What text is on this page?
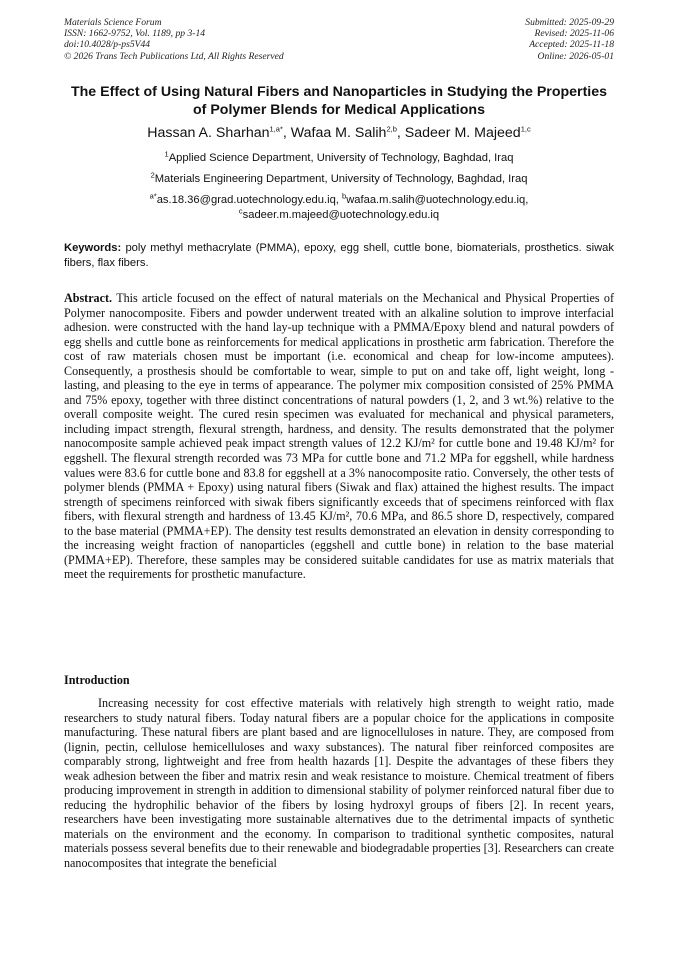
Materials Science Forum
ISSN: 1662-9752, Vol. 1189, pp 3-14
doi:10.4028/p-ps5V44
© 2026 Trans Tech Publications Ltd, All Rights Reserved
Submitted: 2025-09-29
Revised: 2025-11-06
Accepted: 2025-11-18
Online: 2026-05-01
The Effect of Using Natural Fibers and Nanoparticles in Studying the Properties of Polymer Blends for Medical Applications
Hassan A. Sharhan$^{1,a*}$, Wafaa M. Salih$^{2,b}$, Sadeer M. Majeed$^{1,c}$
$^1$Applied Science Department, University of Technology, Baghdad, Iraq
$^2$Materials Engineering Department, University of Technology, Baghdad, Iraq
$^{a*}$as.18.36@grad.uotechnology.edu.iq, $^b$wafaa.m.salih@uotechnology.edu.iq,
$^c$sadeer.m.majeed@uotechnology.edu.iq
Keywords: poly methyl methacrylate (PMMA), epoxy, egg shell, cuttle bone, biomaterials, prosthetics. siwak fibers, flax fibers.
Abstract. This article focused on the effect of natural materials on the Mechanical and Physical Properties of Polymer nanocomposite. Fibers and powder underwent treated with an alkaline solution to improve interfacial adhesion. were constructed with the hand lay-up technique with a PMMA/Epoxy blend and natural powders of egg shells and cuttle bone as reinforcements for medical applications in prosthetic arm fabrication. Therefore the cost of raw materials chosen must be important (i.e. economical and cheap for low-income amputees). Consequently, a prosthesis should be comfortable to wear, simple to put on and take off, light weight, long - lasting, and pleasing to the eye in terms of appearance. The polymer mix composition consisted of 25% PMMA and 75% epoxy, together with three distinct concentrations of natural powders (1, 2, and 3 wt.%) relative to the overall composite weight. The cured resin specimen was evaluated for mechanical and physical parameters, including impact strength, flexural strength, hardness, and density. The results demonstrated that the polymer nanocomposite sample achieved peak impact strength values of 12.2 KJ/m² for cuttle bone and 19.48 KJ/m² for eggshell. The flexural strength recorded was 73 MPa for cuttle bone and 71.2 MPa for eggshell, while hardness values were 83.6 for cuttle bone and 83.8 for eggshell at a 3% nanocomposite ratio. Conversely, the other tests of polymer blends (PMMA + Epoxy) using natural fibers (Siwak and flax) attained the highest results. The impact strength of specimens reinforced with siwak fibers significantly exceeds that of specimens reinforced with flax fibers, with flexural strength and hardness of 13.45 KJ/m², 70.6 MPa, and 86.5 shore D, respectively, compared to the base material (PMMA+EP). The density test results demonstrated an elevation in density corresponding to the increasing weight fraction of nanoparticles (eggshell and cuttle bone) in relation to the base material (PMMA+EP). Therefore, these samples may be considered suitable candidates for use as matrix materials that meet the requirements for prosthetic manufacture.
Introduction
Increasing necessity for cost effective materials with relatively high strength to weight ratio, made researchers to study natural fibers. Today natural fibers are a popular choice for the applications in composite manufacturing. These natural fibers are plant based and are lignocelluloses in nature. They, are composed from (lignin, pectin, cellulose hemicelluloses and waxy substances). The natural fiber reinforced composites are comparably strong, lightweight and free from health hazards [1]. Despite the advantages of these fibers they weak adhesion between the fiber and matrix resin and weak resistance to moisture. Chemical treatment of fibers producing improvement in strength in addition to dimensional stability of polymer reinforced natural fiber due to reducing the hydrophilic behavior of the fibers by losing hydroxyl groups of fibers [2]. In recent years, researchers have been investigating more sustainable alternatives due to the detrimental impacts of synthetic materials on the environment and the economy. In comparison to traditional synthetic composites, natural materials possess several benefits due to their renewable and biodegradable properties [3]. Researchers can create nanocomposites that integrate the beneficial
